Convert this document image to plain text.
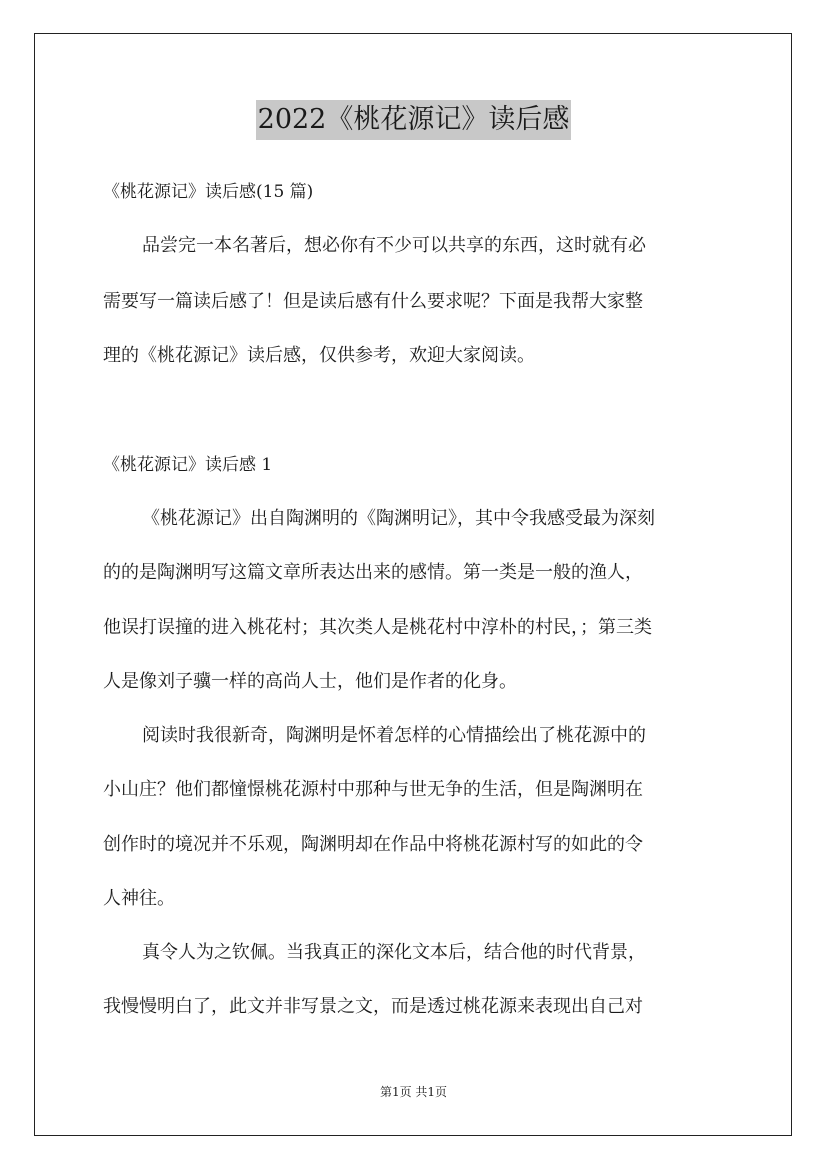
2022《桃花源记》读后感
《桃花源记》读后感(15 篇)
品尝完一本名著后，想必你有不少可以共享的东西，这时就有必
需要写一篇读后感了！但是读后感有什么要求呢？下面是我帮大家整
理的《桃花源记》读后感，仅供参考，欢迎大家阅读。
《桃花源记》读后感 1
《桃花源记》出自陶渊明的《陶渊明记》，其中令我感受最为深刻
的的是陶渊明写这篇文章所表达出来的感情。第一类是一般的渔人，
他误打误撞的进入桃花村；其次类人是桃花村中淳朴的村民，；第三类
人是像刘子骥一样的高尚人士，他们是作者的化身。
阅读时我很新奇，陶渊明是怀着怎样的心情描绘出了桃花源中的
小山庄？他们都憧憬桃花源村中那种与世无争的生活，但是陶渊明在
创作时的境况并不乐观，陶渊明却在作品中将桃花源村写的如此的令
人神往。
真令人为之钦佩。当我真正的深化文本后，结合他的时代背景，
我慢慢明白了，此文并非写景之文，而是透过桃花源来表现出自己对
第1页 共1页
